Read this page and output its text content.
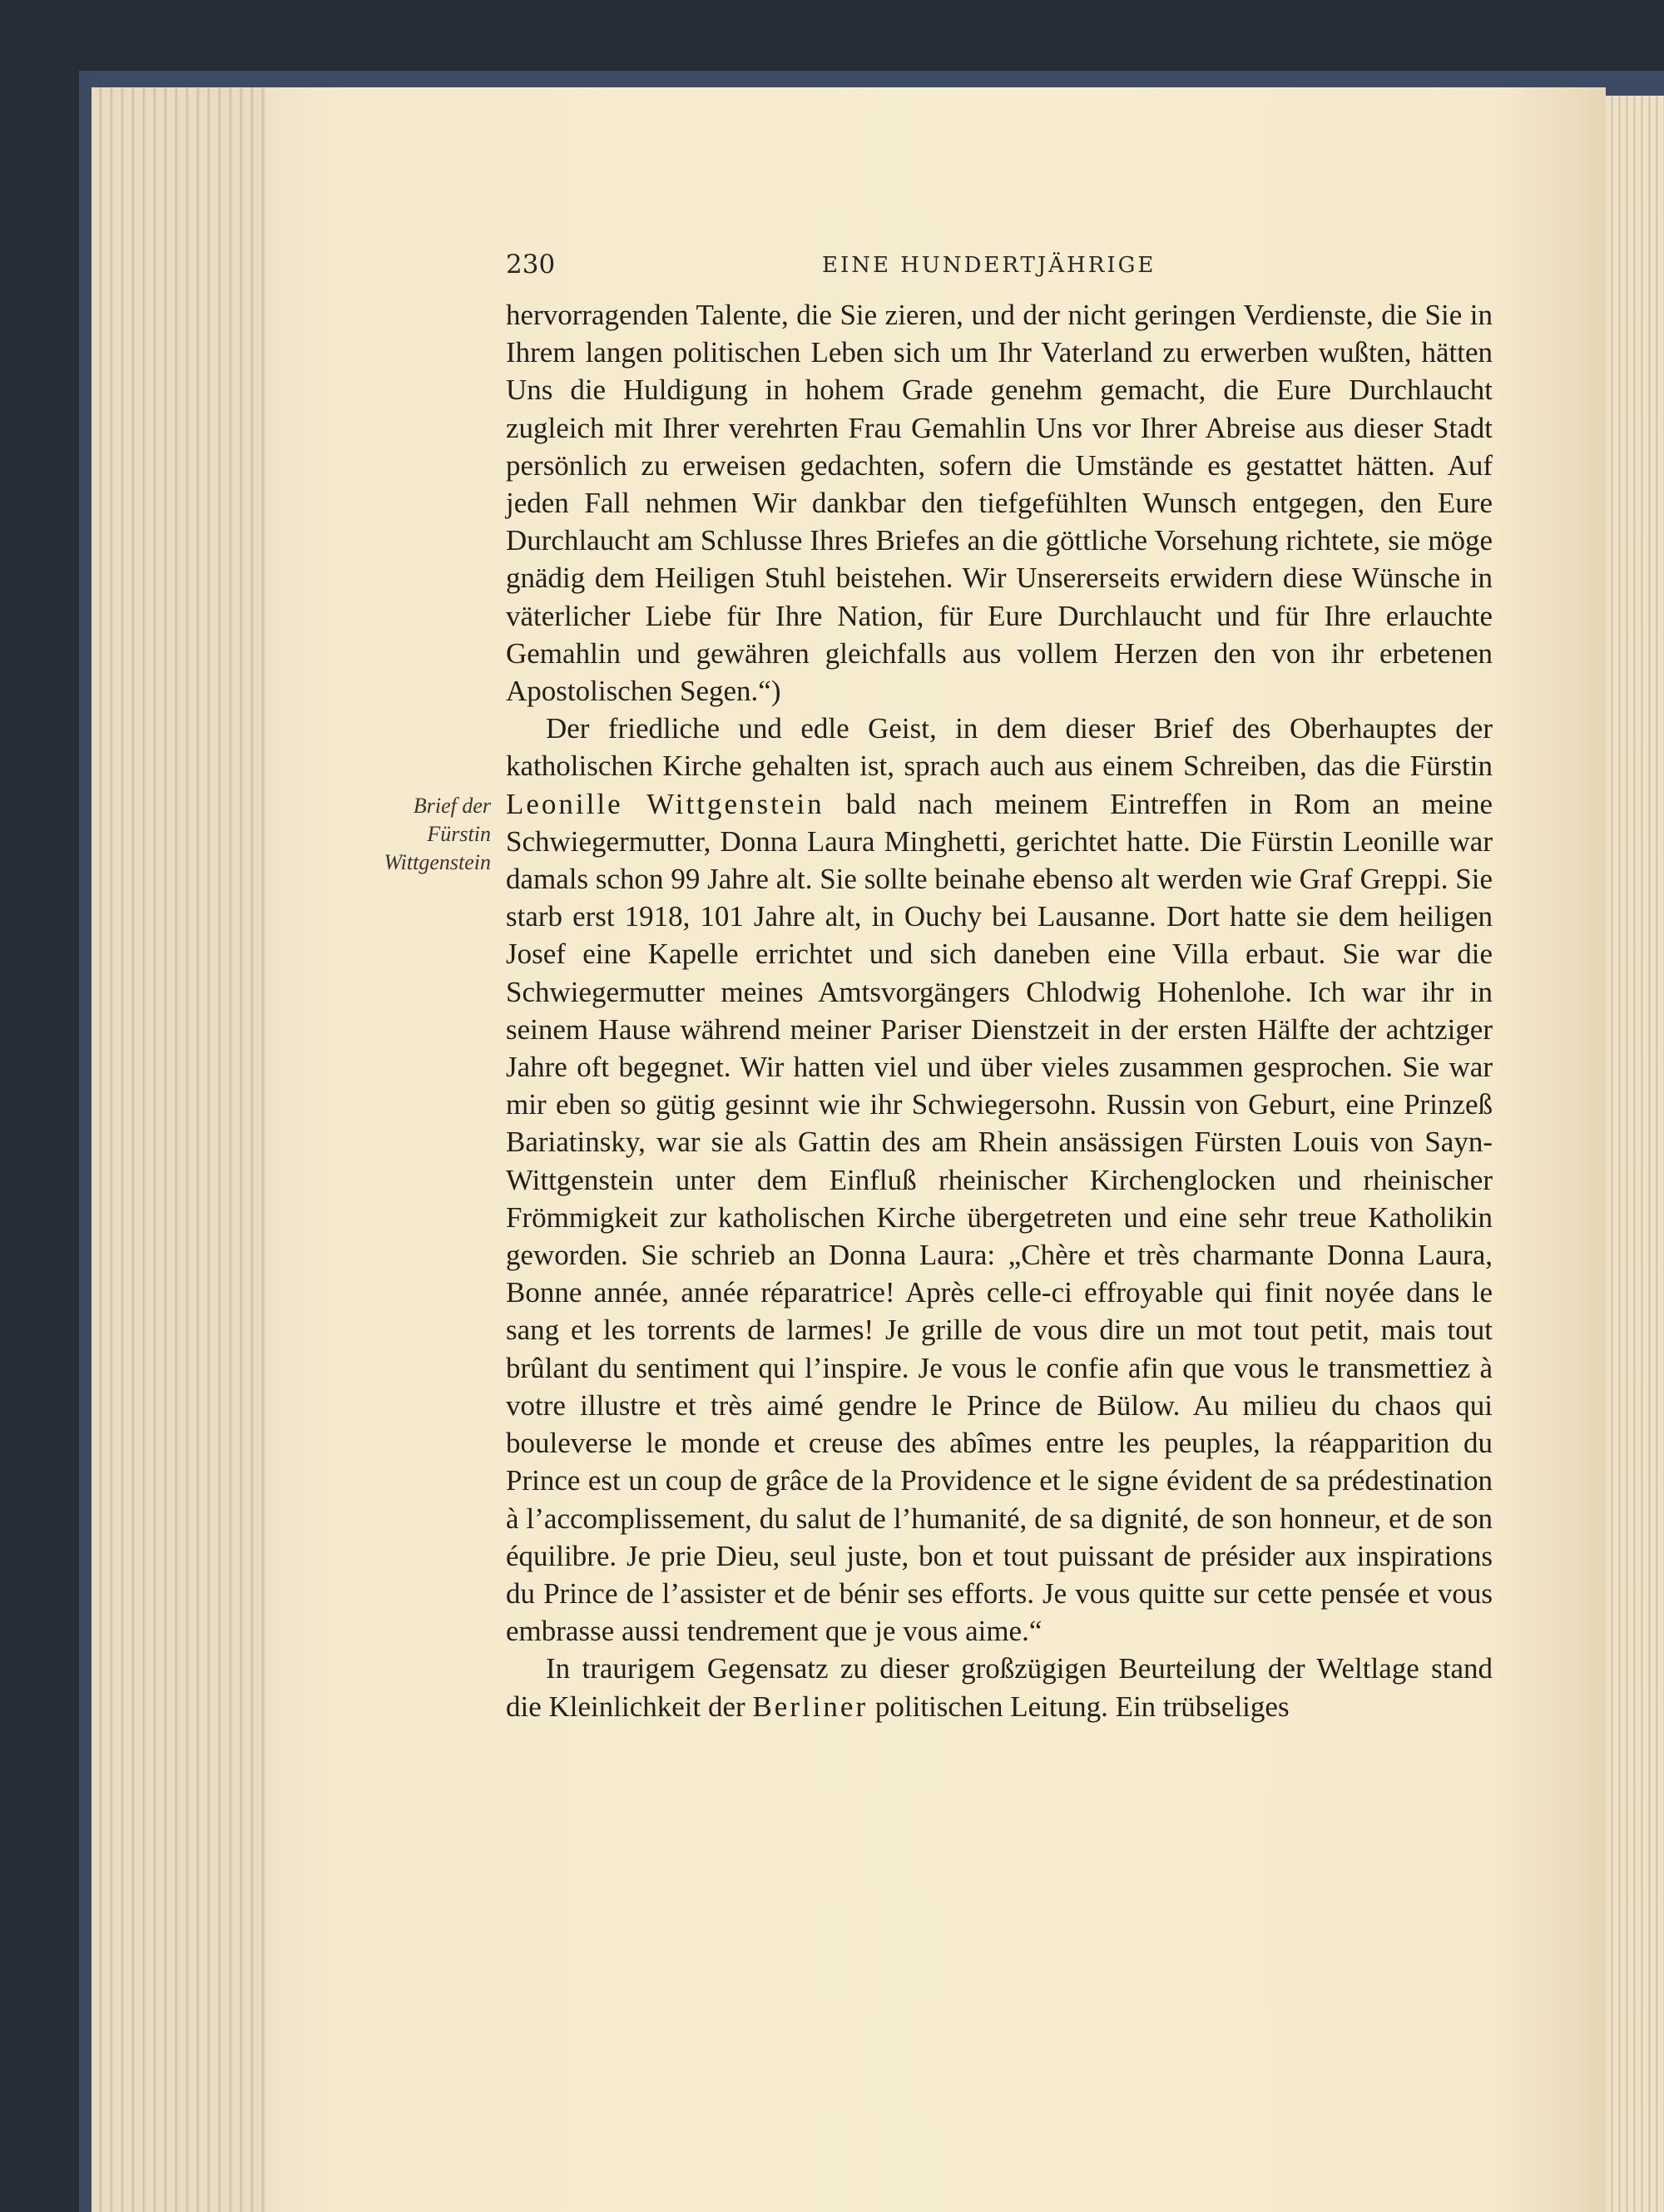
230	EINE HUNDERTJÄHRIGE
Brief der
Fürstin
Wittgenstein

hervorragenden Talente, die Sie zieren, und der nicht geringen Verdienste, die Sie in Ihrem langen politischen Leben sich um Ihr Vaterland zu erwerben wußten, hätten Uns die Huldigung in hohem Grade genehm gemacht, die Eure Durchlaucht zugleich mit Ihrer verehrten Frau Gemahlin Uns vor Ihrer Abreise aus dieser Stadt persönlich zu erweisen gedachten, sofern die Umstände es gestattet hätten. Auf jeden Fall nehmen Wir dankbar den tiefgefühlten Wunsch entgegen, den Eure Durchlaucht am Schlusse Ihres Briefes an die göttliche Vorsehung richtete, sie möge gnädig dem Heiligen Stuhl beistehen. Wir Unsererseits erwidern diese Wünsche in väterlicher Liebe für Ihre Nation, für Eure Durchlaucht und für Ihre erlauchte Gemahlin und gewähren gleichfalls aus vollem Herzen den von ihr erbetenen Apostolischen Segen.“)

Der friedliche und edle Geist, in dem dieser Brief des Oberhauptes der katholischen Kirche gehalten ist, sprach auch aus einem Schreiben, das die Fürstin Leonille Wittgenstein bald nach meinem Eintreffen in Rom an meine Schwiegermutter, Donna Laura Minghetti, gerichtet hatte. Die Fürstin Leonille war damals schon 99 Jahre alt. Sie sollte beinahe ebenso alt werden wie Graf Greppi. Sie starb erst 1918, 101 Jahre alt, in Ouchy bei Lausanne. Dort hatte sie dem heiligen Josef eine Kapelle errichtet und sich daneben eine Villa erbaut. Sie war die Schwiegermutter meines Amtsvorgängers Chlodwig Hohenlohe. Ich war ihr in seinem Hause während meiner Pariser Dienstzeit in der ersten Hälfte der achtziger Jahre oft begegnet. Wir hatten viel und über vieles zusammen gesprochen. Sie war mir eben so gütig gesinnt wie ihr Schwiegersohn. Russin von Geburt, eine Prinzeß Bariatinsky, war sie als Gattin des am Rhein ansässigen Fürsten Louis von Sayn-Wittgenstein unter dem Einfluß rheinischer Kirchenglocken und rheinischer Frömmigkeit zur katholischen Kirche übergetreten und eine sehr treue Katholikin geworden. Sie schrieb an Donna Laura: „Chère et très charmante Donna Laura, Bonne année, année réparatrice! Après celle-ci effroyable qui finit noyée dans le sang et les torrents de larmes! Je grille de vous dire un mot tout petit, mais tout brûlant du sentiment qui l’inspire. Je vous le confie afin que vous le transmettiez à votre illustre et très aimé gendre le Prince de Bülow. Au milieu du chaos qui bouleverse le monde et creuse des abîmes entre les peuples, la réapparition du Prince est un coup de grâce de la Providence et le signe évident de sa prédestination à l’accomplissement, du salut de l’humanité, de sa dignité, de son honneur, et de son équilibre. Je prie Dieu, seul juste, bon et tout puissant de présider aux inspirations du Prince de l’assister et de bénir ses efforts. Je vous quitte sur cette pensée et vous embrasse aussi tendrement que je vous aime.“

In traurigem Gegensatz zu dieser großzügigen Beurteilung der Weltlage stand die Kleinlichkeit der Berliner politischen Leitung. Ein trübseliges
